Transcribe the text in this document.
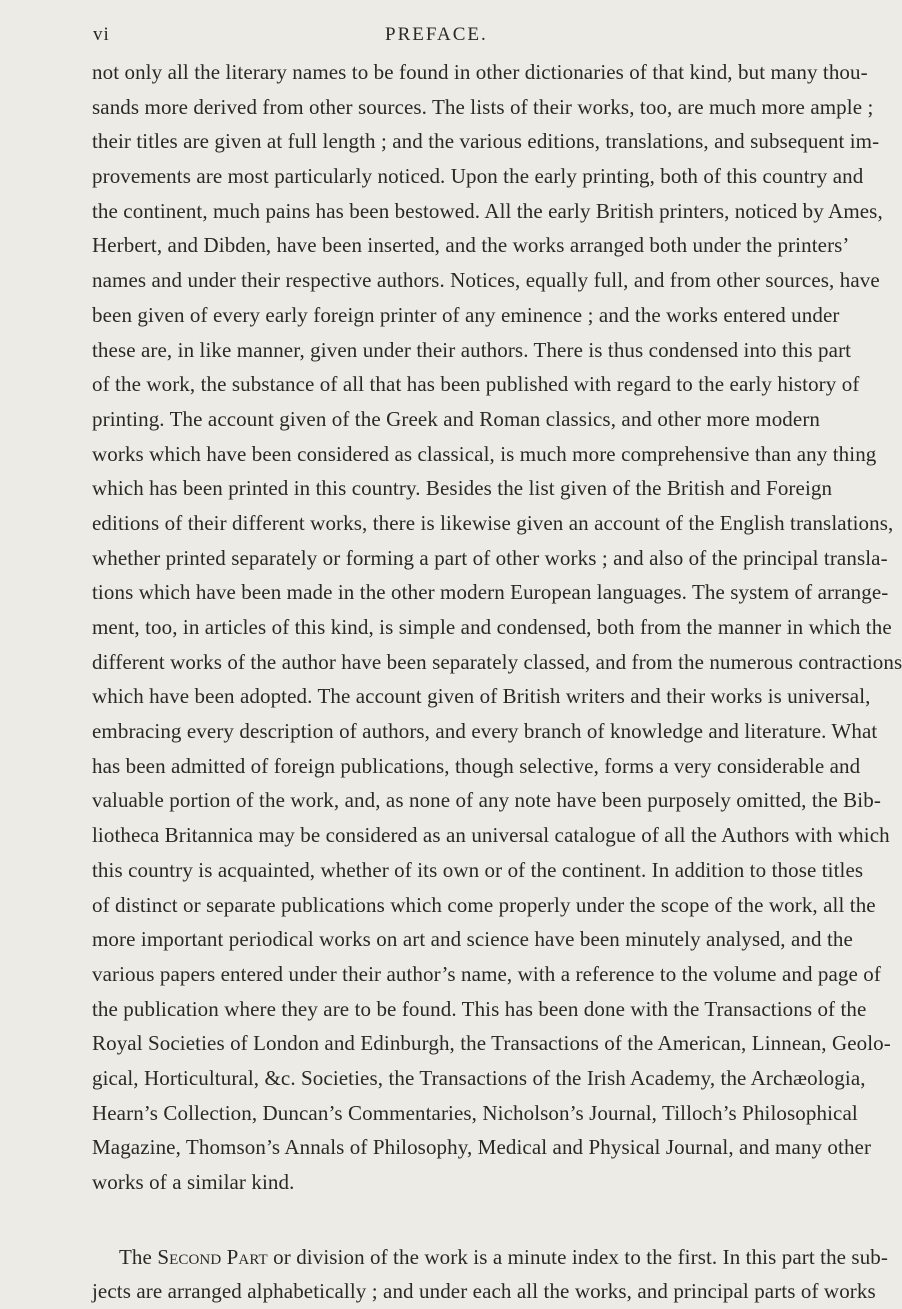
vi	PREFACE.
not only all the literary names to be found in other dictionaries of that kind, but many thou-
sands more derived from other sources. The lists of their works, too, are much more ample ;
their titles are given at full length ; and the various editions, translations, and subsequent im-
provements are most particularly noticed. Upon the early printing, both of this country and
the continent, much pains has been bestowed. All the early British printers, noticed by Ames,
Herbert, and Dibden, have been inserted, and the works arranged both under the printers’
names and under their respective authors. Notices, equally full, and from other sources, have
been given of every early foreign printer of any eminence ; and the works entered under
these are, in like manner, given under their authors. There is thus condensed into this part
of the work, the substance of all that has been published with regard to the early history of
printing. The account given of the Greek and Roman classics, and other more modern
works which have been considered as classical, is much more comprehensive than any thing
which has been printed in this country. Besides the list given of the British and Foreign
editions of their different works, there is likewise given an account of the English translations,
whether printed separately or forming a part of other works ; and also of the principal transla-
tions which have been made in the other modern European languages. The system of arrange-
ment, too, in articles of this kind, is simple and condensed, both from the manner in which the
different works of the author have been separately classed, and from the numerous contractions
which have been adopted. The account given of British writers and their works is universal,
embracing every description of authors, and every branch of knowledge and literature. What
has been admitted of foreign publications, though selective, forms a very considerable and
valuable portion of the work, and, as none of any note have been purposely omitted, the Bib-
liotheca Britannica may be considered as an universal catalogue of all the Authors with which
this country is acquainted, whether of its own or of the continent. In addition to those titles
of distinct or separate publications which come properly under the scope of the work, all the
more important periodical works on art and science have been minutely analysed, and the
various papers entered under their author’s name, with a reference to the volume and page of
the publication where they are to be found. This has been done with the Transactions of the
Royal Societies of London and Edinburgh, the Transactions of the American, Linnean, Geolo-
gical, Horticultural, &c. Societies, the Transactions of the Irish Academy, the Archæologia,
Hearn’s Collection, Duncan’s Commentaries, Nicholson’s Journal, Tilloch’s Philosophical
Magazine, Thomson’s Annals of Philosophy, Medical and Physical Journal, and many other
works of a similar kind.
The Second Part or division of the work is a minute index to the first. In this part the sub-
jects are arranged alphabetically ; and under each all the works, and principal parts of works
